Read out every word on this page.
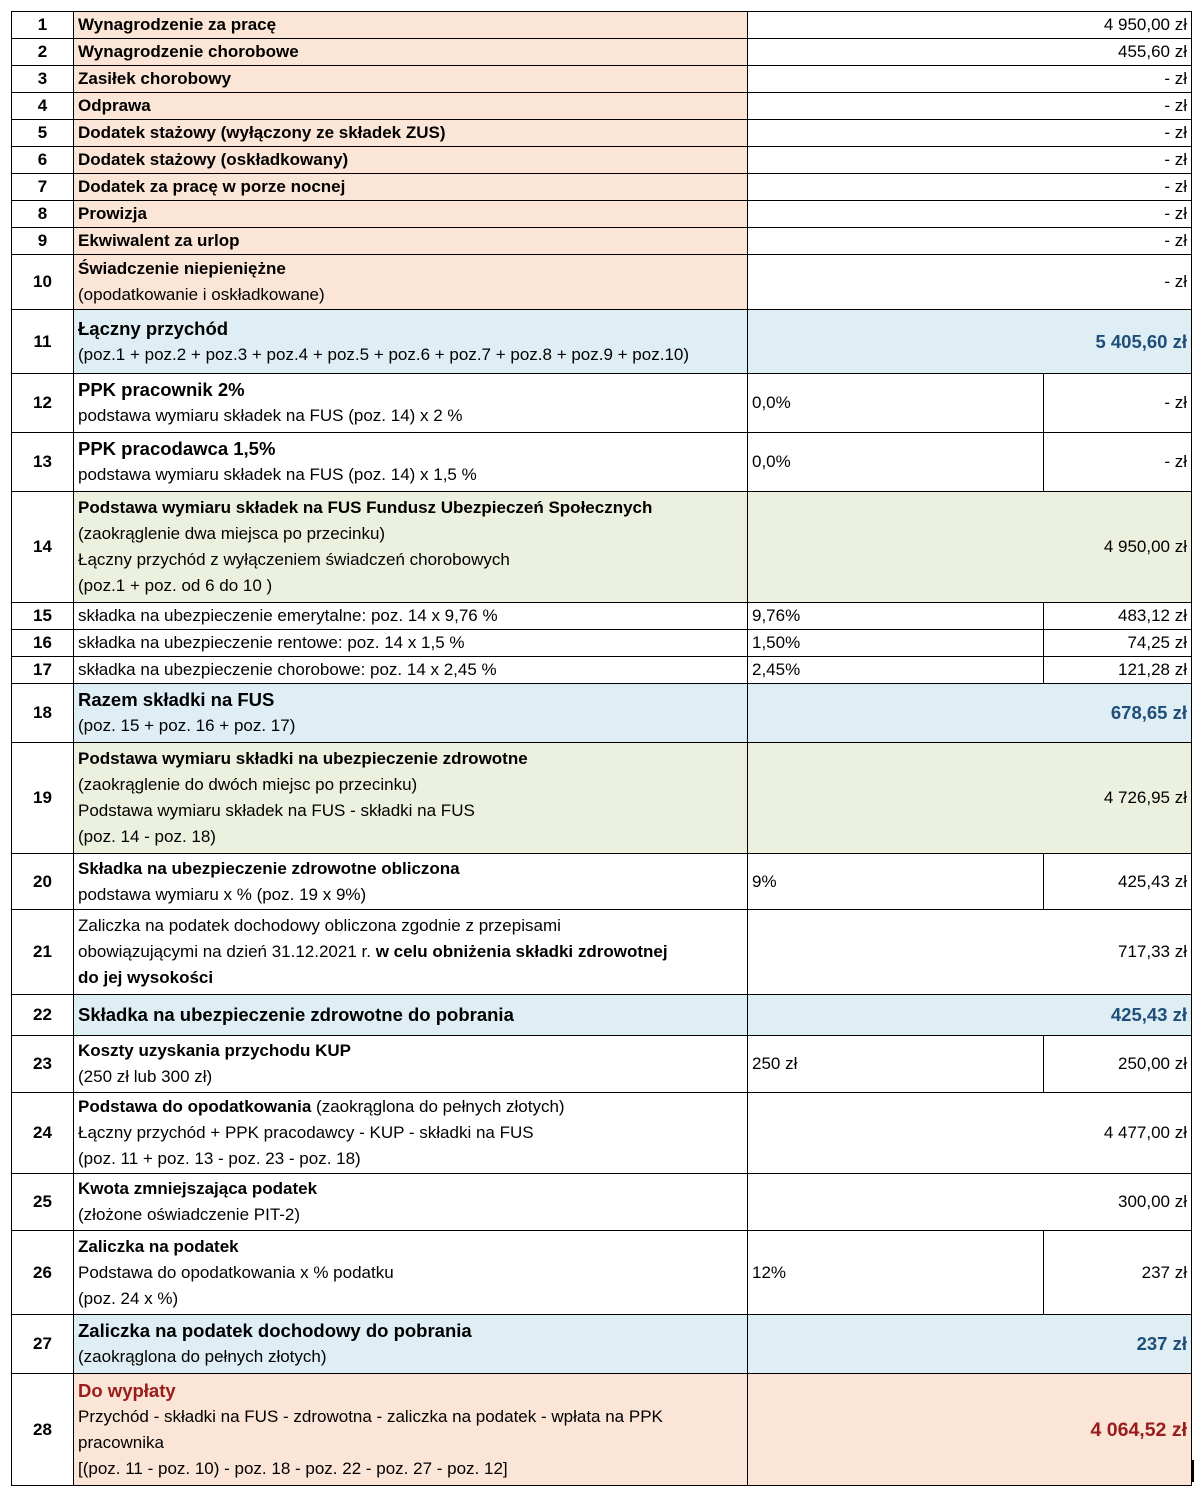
1	Wynagrodzenie za pracę	4 950,00 zł	
2	Wynagrodzenie chorobowe	455,60 zł	
3	Zasiłek chorobowy	- zł	
4	Odprawa	- zł	
5	Dodatek stażowy (wyłączony ze składek ZUS)	- zł	
6	Dodatek stażowy (oskładkowany)	- zł	
7	Dodatek za pracę w porze nocnej	- zł	
8	Prowizja	- zł	
9	Ekwiwalent za urlop	- zł	
10	Świadczenie niepieniężne
(opodatkowanie i oskładkowane)	- zł	
11	Łączny przychód
(poz.1 + poz.2 + poz.3 + poz.4 + poz.5 + poz.6 + poz.7 + poz.8 + poz.9 + poz.10)	5 405,60 zł	
12	PPK pracownik 2%
podstawa wymiaru składek na FUS (poz. 14) x 2 %	0,0%	- zł
13	PPK pracodawca 1,5%
podstawa wymiaru składek na FUS (poz. 14) x 1,5 %	0,0%	- zł
14	Podstawa wymiaru składek na FUS Fundusz Ubezpieczeń Społecznych
(zaokrąglenie dwa miejsca po przecinku)
Łączny przychód z wyłączeniem świadczeń chorobowych
(poz.1 + poz. od 6 do 10 )	4 950,00 zł	
15	składka na ubezpieczenie emerytalne: poz. 14 x 9,76 %	9,76%	483,12 zł
16	składka na ubezpieczenie rentowe: poz. 14 x 1,5 %	1,50%	74,25 zł
17	składka na ubezpieczenie chorobowe: poz. 14 x 2,45 %	2,45%	121,28 zł
18	Razem składki na FUS
(poz. 15 + poz. 16 + poz. 17)	678,65 zł	
19	Podstawa wymiaru składki na ubezpieczenie zdrowotne
(zaokrąglenie do dwóch miejsc po przecinku)
Podstawa wymiaru składek na FUS - składki na FUS
(poz. 14 - poz. 18)	4 726,95 zł	
20	Składka na ubezpieczenie zdrowotne obliczona
podstawa wymiaru x % (poz. 19 x 9%)	9%	425,43 zł
21	Zaliczka na podatek dochodowy obliczona zgodnie z przepisami
obowiązującymi na dzień 31.12.2021 r. w celu obniżenia składki zdrowotnej
do jej wysokości	717,33 zł	
22	Składka na ubezpieczenie zdrowotne do pobrania	425,43 zł	
23	Koszty uzyskania przychodu KUP
(250 zł lub 300 zł)	250 zł	250,00 zł
24	Podstawa do opodatkowania (zaokrąglona do pełnych złotych)
Łączny przychód + PPK pracodawcy - KUP - składki na FUS
(poz. 11 + poz. 13 - poz. 23 - poz. 18)	4 477,00 zł	
25	Kwota zmniejszająca podatek
(złożone oświadczenie PIT-2)	300,00 zł	
26	Zaliczka na podatek
Podstawa do opodatkowania x % podatku
(poz. 24 x %)	12%	237 zł
27	Zaliczka na podatek dochodowy do pobrania
(zaokrąglona do pełnych złotych)	237 zł	
28	Do wypłaty
Przychód - składki na FUS - zdrowotna - zaliczka na podatek - wpłata na PPK
pracownika
[(poz. 11 - poz. 10) - poz. 18 - poz. 22 - poz. 27 - poz. 12]	4 064,52 zł	
